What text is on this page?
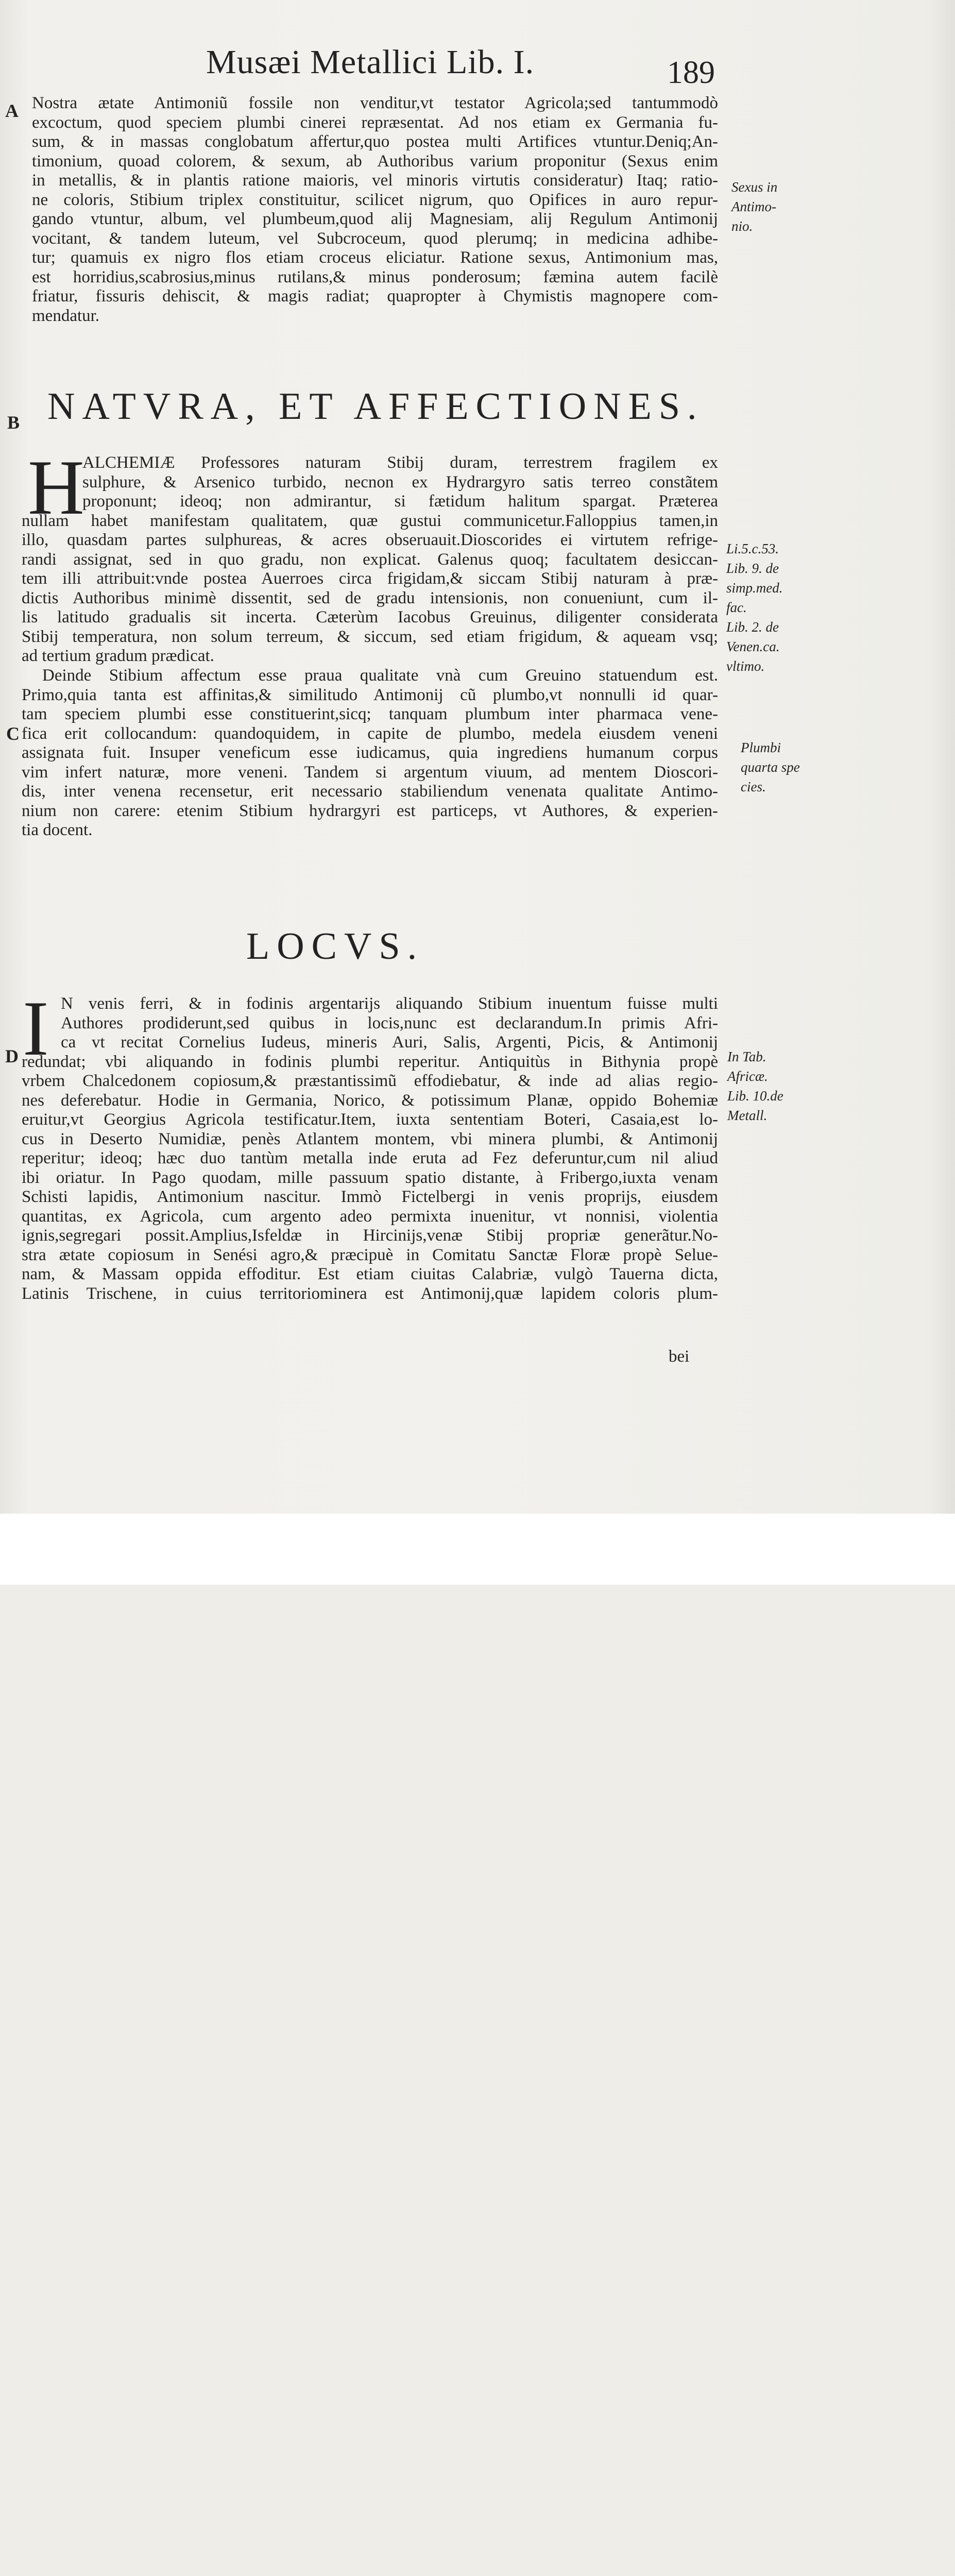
Musæi Metallici Lib. I.	189
A Nostra ætate Antimoniũ fossile non venditur,vt testator Agricola;sed tantummodò
excoctum, quod speciem plumbi cinerei repræsentat. Ad nos etiam ex Germania fu-
sum, & in massas conglobatum affertur,quo postea multi Artifices vtuntur.Deniq;An-
timonium, quoad colorem, & sexum, ab Authoribus varium proponitur (Sexus enim
in metallis, & in plantis ratione maioris, vel minoris virtutis consideratur) Itaq; ratio-
ne coloris, Stibium triplex constituitur, scilicet nigrum, quo Opifices in auro repur-
gando vtuntur, album, vel plumbeum,quod alij Magnesiam, alij Regulum Antimonij
vocitant, & tandem luteum, vel Subcroceum, quod plerumq; in medicina adhibe-
tur; quamuis ex nigro flos etiam croceus eliciatur. Ratione sexus, Antimonium mas,
est horridius,scabrosius,minus rutilans,& minus ponderosum; fæmina autem facilè
friatur, fissuris dehiscit, & magis radiat; quapropter à Chymistis magnopere com-
mendatur.
B NATVRA, ET AFFECTIONES.
H
ALCHEMIÆ Professores naturam Stibij duram, terrestrem fragilem ex
sulphure, & Arsenico turbido, necnon ex Hydrargyro satis terreo constãtem
proponunt; ideoq; non admirantur, si fætidum halitum spargat. Præterea
nullam habet manifestam qualitatem, quæ gustui communicetur.Falloppius tamen,in
illo, quasdam partes sulphureas, & acres obseruauit.Dioscorides ei virtutem refrige-
randi assignat, sed in quo gradu, non explicat. Galenus quoq; facultatem desiccan-
tem illi attribuit:vnde postea Auerroes circa frigidam,& siccam Stibij naturam à præ-
dictis Authoribus minimè dissentit, sed de gradu intensionis, non conueniunt, cum il-
lis latitudo gradualis sit incerta. Cæterùm Iacobus Greuinus, diligenter considerata
Stibij temperatura, non solum terreum, & siccum, sed etiam frigidum, & aqueam vsq;
ad tertium gradum prædicat.
C
Deinde Stibium affectum esse praua qualitate vnà cum Greuino statuendum est.
Primo,quia tanta est affinitas,& similitudo Antimonij cũ plumbo,vt nonnulli id quar-
tam speciem plumbi esse constituerint,sicq; tanquam plumbum inter pharmaca vene-
fica erit collocandum: quandoquidem, in capite de plumbo, medela eiusdem veneni
assignata fuit. Insuper veneficum esse iudicamus, quia ingrediens humanum corpus
vim infert naturæ, more veneni. Tandem si argentum viuum, ad mentem Dioscori-
dis, inter venena recensetur, erit necessario stabiliendum venenata qualitate Antimo-
nium non carere: etenim Stibium hydrargyri est particeps, vt Authores, & experien-
tia docent.
LOCVS.
I
D
N venis ferri, & in fodinis argentarijs aliquando Stibium inuentum fuisse multi
Authores prodiderunt,sed quibus in locis,nunc est declarandum.In primis Afri-
ca vt recitat Cornelius Iudeus, mineris Auri, Salis, Argenti, Picis, & Antimonij
redundat; vbi aliquando in fodinis plumbi reperitur. Antiquitùs in Bithynia propè
vrbem Chalcedonem copiosum,& præstantissimũ effodiebatur, & inde ad alias regio-
nes deferebatur. Hodie in Germania, Norico, & potissimum Planæ, oppido Bohemiæ
eruitur,vt Georgius Agricola testificatur.Item, iuxta sententiam Boteri, Casaia,est lo-
cus in Deserto Numidiæ, penès Atlantem montem, vbi minera plumbi, & Antimonij
reperitur; ideoq; hæc duo tantùm metalla inde eruta ad Fez deferuntur,cum nil aliud
ibi oriatur. In Pago quodam, mille passuum spatio distante, à Fribergo,iuxta venam
Schisti lapidis, Antimonium nascitur. Immò Fictelbergi in venis proprijs, eiusdem
quantitas, ex Agricola, cum argento adeo permixta inuenitur, vt nonnisi, violentia
ignis,segregari possit.Amplius,Isfeldæ in Hircinijs,venæ Stibij propriæ generãtur.No-
stra ætate copiosum in Senési agro,& præcipuè in Comitatu Sanctæ Floræ propè Selue-
nam, & Massam oppida effoditur. Est etiam ciuitas Calabriæ, vulgò Tauerna dicta,
Latinis Trischene, in cuius territoriominera est Antimonij,quæ lapidem coloris plum-
bei
Sexus in
Antimo-
nio.
Li.5.c.53.
Lib. 9. de
simp.med.
fac.
Lib. 2. de
Venen.ca.
vltimo.
Plumbi
quarta spe
cies.
In Tab.
Africæ.
Lib. 10.de
Metall.
